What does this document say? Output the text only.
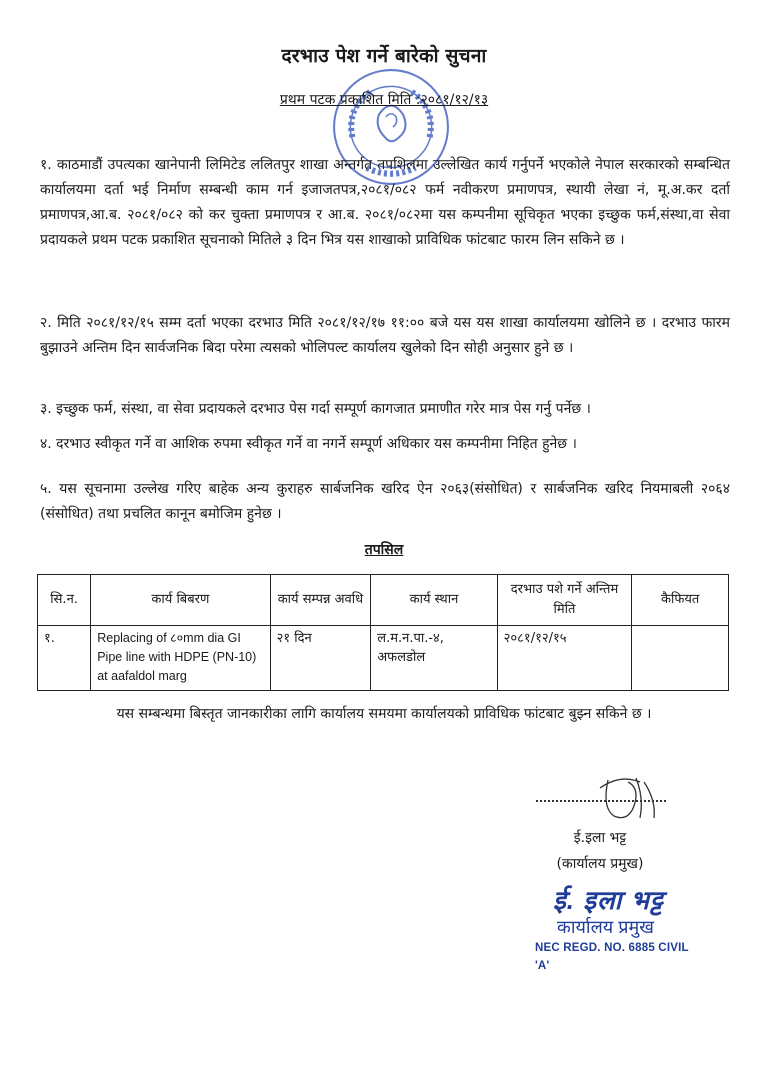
दरभाउ पेश गर्ने बारेको सुचना
प्रथम पटक प्रकाशित मिति :२०८१/१२/१३
१. काठमाडौं उपत्यका खानेपानी लिमिटेड ललितपुर शाखा अन्तर्गत तपशिलमा उल्लेखित कार्य गर्नुपर्ने भएकोले नेपाल सरकारको सम्बन्धित कार्यालयमा दर्ता भई निर्माण सम्बन्धी काम गर्न इजाजतपत्र,२०८१/०८२ फर्म नवीकरण प्रमाणपत्र, स्थायी लेखा नं, मू.अ.कर दर्ता प्रमाणपत्र,आ.ब. २०८१/०८२ को कर चुक्ता प्रमाणपत्र र आ.ब. २०८१/०८२मा यस कम्पनीमा सूचिकृत भएका इच्छुक फर्म,संस्था,वा सेवा प्रदायकले प्रथम पटक प्रकाशित सूचनाको मितिले ३ दिन भित्र यस शाखाको प्राविधिक फांटबाट फारम लिन सकिने छ ।
२. मिति २०८१/१२/१५ सम्म दर्ता भएका दरभाउ मिति २०८१/१२/१७ ११:०० बजे यस यस शाखा कार्यालयमा खोलिने छ । दरभाउ फारम बुझाउने अन्तिम दिन सार्वजनिक बिदा परेमा त्यसको भोलिपल्ट कार्यालय खुलेको दिन सोही अनुसार हुने छ ।
३. इच्छुक फर्म, संस्था, वा सेवा प्रदायकले दरभाउ पेस गर्दा सम्पूर्ण कागजात प्रमाणीत गरेर मात्र पेस गर्नु पर्नेछ ।
४. दरभाउ स्वीकृत गर्ने वा आशिक रुपमा स्वीकृत गर्ने वा नगर्ने सम्पूर्ण अधिकार यस कम्पनीमा निहित हुनेछ ।
५. यस सूचनामा उल्लेख गरिए बाहेक अन्य कुराहरु सार्बजनिक खरिद ऐन २०६३(संसोधित) र सार्बजनिक खरिद नियमाबली २०६४ (संसोधित) तथा प्रचलित कानून बमोजिम हुनेछ ।
तपसिल
सि.न.	कार्य बिबरण	कार्य सम्पन्न अवधि	कार्य स्थान	दरभाउ पशे गर्ने अन्तिम मिति	कैफियत
१.	Replacing of ८०mm dia GI Pipe line with HDPE (PN-10) at aafaldol marg	२१ दिन	ल.म.न.पा.-४, अफलडोल	२०८१/१२/१५	
यस सम्बन्धमा बिस्तृत जानकारीका लागि कार्यालय समयमा कार्यालयको प्राविधिक फांटबाट बुझ्न सकिने छ ।
ई.इला भट्ट
(कार्यालय प्रमुख)
ई. इला भट्ट
कार्यालय प्रमुख
NEC REGD. NO. 6885 CIVIL 'A'
